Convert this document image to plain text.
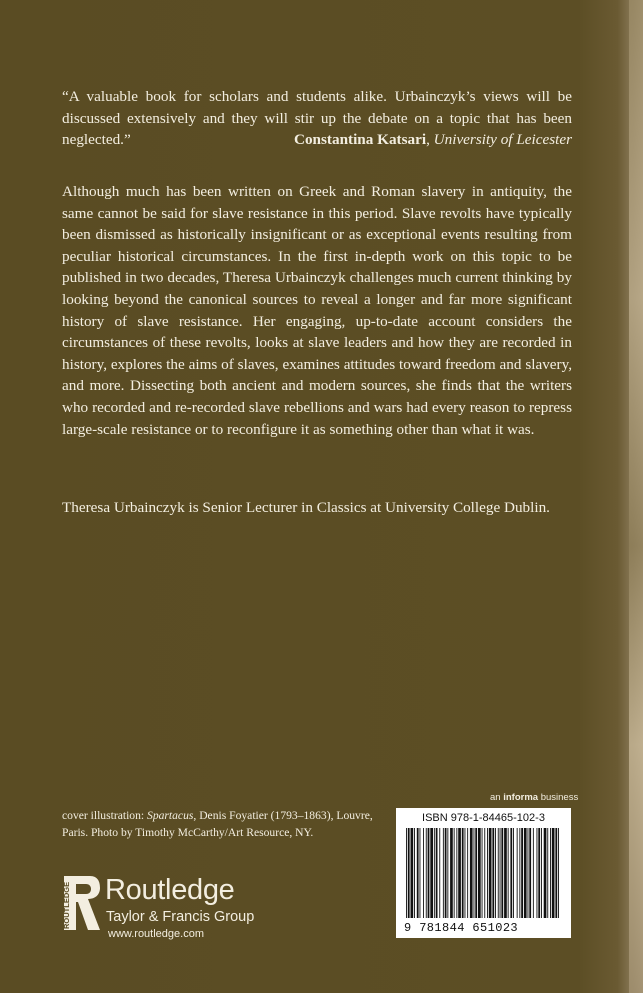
“A valuable book for scholars and students alike. Urbainczyk’s views will be discussed extensively and they will stir up the debate on a topic that has been neglected.”	Constantina Katsari, University of Leicester
Although much has been written on Greek and Roman slavery in antiquity, the same cannot be said for slave resistance in this period. Slave revolts have typically been dismissed as historically insignificant or as exceptional events resulting from peculiar historical circumstances. In the first in-depth work on this topic to be published in two decades, Theresa Urbainczyk challenges much current thinking by looking beyond the canonical sources to reveal a longer and far more significant history of slave resistance. Her engaging, up-to-date account considers the circumstances of these revolts, looks at slave leaders and how they are recorded in history, explores the aims of slaves, examines attitudes toward freedom and slavery, and more. Dissecting both ancient and modern sources, she finds that the writers who recorded and re-recorded slave rebellions and wars had every reason to repress large-scale resistance or to reconfigure it as something other than what it was.
Theresa Urbainczyk is Senior Lecturer in Classics at University College Dublin.
cover illustration: Spartacus, Denis Foyatier (1793–1863), Louvre, Paris. Photo by Timothy McCarthy/Art Resource, NY.
an informa business
ISBN 978-1-84465-102-3
9 781844 651023
ROUTLEDGE Routledge
Taylor & Francis Group
www.routledge.com
